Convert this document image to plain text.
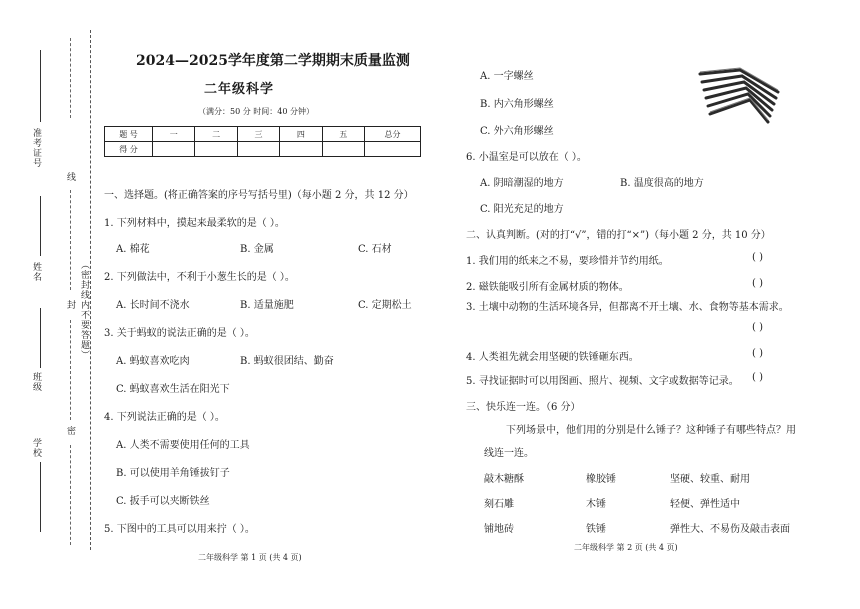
线
封 （密封线内不要答题）
密
准考证号
姓名
班级
学校
2024—2025学年度第二学期期末质量监测
二年级科学
（满分：50 分 时间：40 分钟）
题 号	一	二	三	四	五	总分
得 分						
一、选择题。(将正确答案的序号写括号里)（每小题 2 分，共 12 分）
1. 下列材料中，摸起来最柔软的是（ ）。
A. 棉花	B. 金属	C. 石材
2. 下列做法中，不利于小葱生长的是（ ）。
A. 长时间不浇水	B. 适量施肥	C. 定期松土
3. 关于蚂蚁的说法正确的是（ ）。
A. 蚂蚁喜欢吃肉	B. 蚂蚁很团结、勤奋
C. 蚂蚁喜欢生活在阳光下
4. 下列说法正确的是（ ）。
A. 人类不需要使用任何的工具
B. 可以使用羊角锤拔钉子
C. 扳手可以夹断铁丝
5. 下图中的工具可以用来拧（ ）。
二年级科学 第 1 页 (共 4 页)
A. 一字螺丝
B. 内六角形螺丝
C. 外六角形螺丝
6. 小温室是可以放在（ ）。
A. 阴暗潮湿的地方	B. 温度很高的地方
C. 阳光充足的地方
二、认真判断。(对的打“√”，错的打“×”)（每小题 2 分，共 10 分）
1. 我们用的纸来之不易，要珍惜并节约用纸。	( )
2. 磁铁能吸引所有金属材质的物体。	( )
3. 土壤中动物的生活环境各异，但都离不开土壤、水、食物等基本需求。
( )
4. 人类祖先就会用坚硬的铁锤砸东西。	( )
5. 寻找证据时可以用图画、照片、视频、文字或数据等记录。 ( )
三、快乐连一连。（6 分）
下列场景中，他们用的分别是什么锤子？这种锤子有哪些特点？用
线连一连。
敲木糖酥	橡胶锤	坚硬、较重、耐用
刻石雕	木锤	轻便、弹性适中
铺地砖	铁锤	弹性大、不易伤及敲击表面
二年级科学 第 2 页 (共 4 页)
